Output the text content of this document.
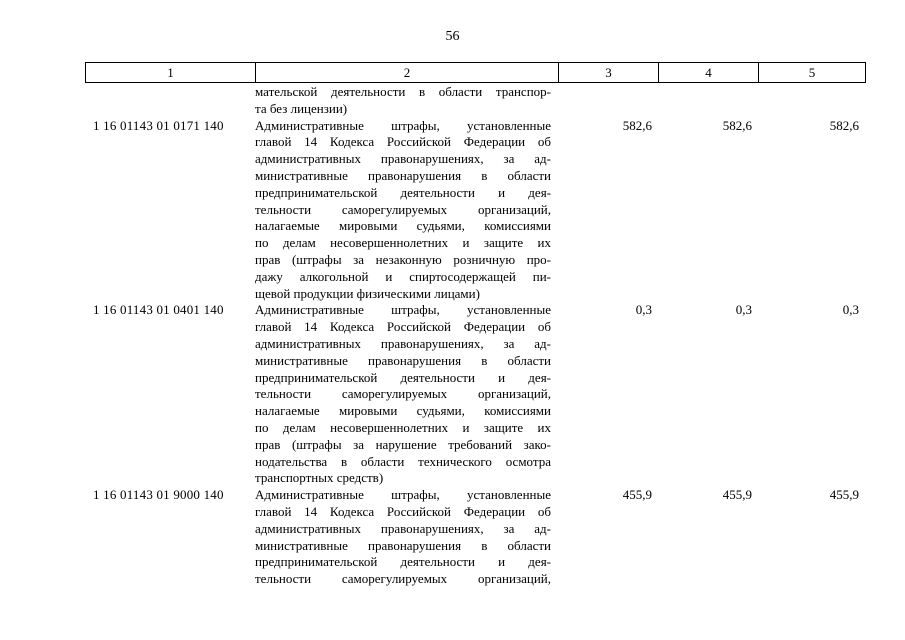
56
1	2	3	4	5
мательской деятельности в области транспор-
та без лицензии)
1 16 01143 01 0171 140	Административные штрафы, установленные
главой 14 Кодекса Российской Федерации об
административных правонарушениях, за ад-
министративные правонарушения в области
предпринимательской деятельности и дея-
тельности саморегулируемых организаций,
налагаемые мировыми судьями, комиссиями
по делам несовершеннолетних и защите их
прав (штрафы за незаконную розничную про-
дажу алкогольной и спиртосодержащей пи-
щевой продукции физическими лицами)
582,6	582,6	582,6
1 16 01143 01 0401 140	Административные штрафы, установленные
главой 14 Кодекса Российской Федерации об
административных правонарушениях, за ад-
министративные правонарушения в области
предпринимательской деятельности и дея-
тельности саморегулируемых организаций,
налагаемые мировыми судьями, комиссиями
по делам несовершеннолетних и защите их
прав (штрафы за нарушение требований зако-
нодательства в области технического осмотра
транспортных средств)
0,3	0,3	0,3
1 16 01143 01 9000 140	Административные штрафы, установленные
главой 14 Кодекса Российской Федерации об
административных правонарушениях, за ад-
министративные правонарушения в области
предпринимательской деятельности и дея-
тельности саморегулируемых организаций,
455,9	455,9	455,9
